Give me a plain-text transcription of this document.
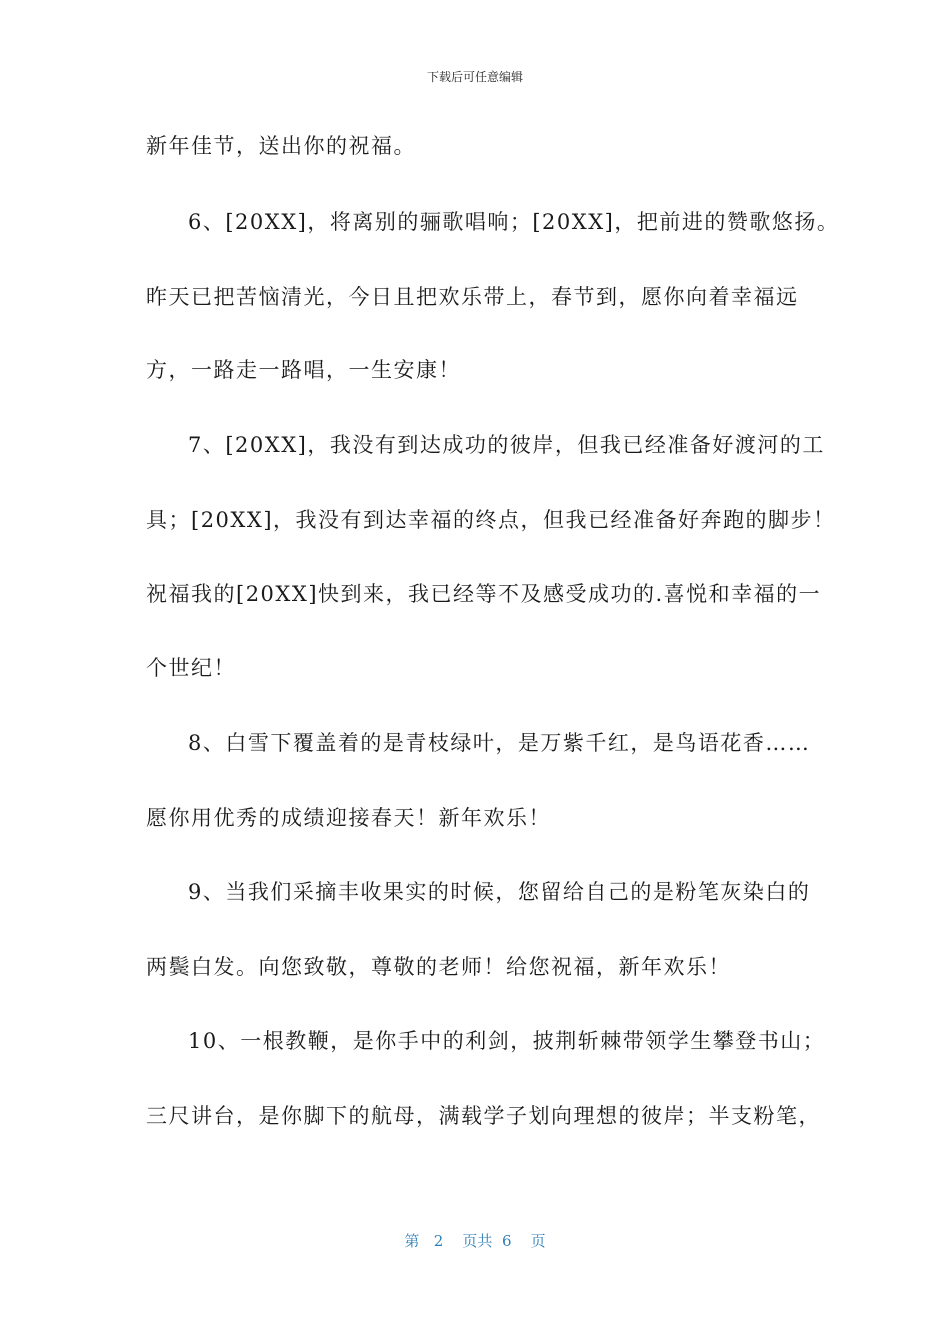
下载后可任意编辑
新年佳节，送出你的祝福。
6、[20XX]，将离别的骊歌唱响；[20XX]，把前进的赞歌悠扬。
昨天已把苦恼清光，今日且把欢乐带上，春节到，愿你向着幸福远
方，一路走一路唱，一生安康！
7、[20XX]，我没有到达成功的彼岸，但我已经准备好渡河的工
具；[20XX]，我没有到达幸福的终点，但我已经准备好奔跑的脚步！
祝福我的[20XX]快到来，我已经等不及感受成功的.喜悦和幸福的一
个世纪！
8、白雪下覆盖着的是青枝绿叶，是万紫千红，是鸟语花香……
愿你用优秀的成绩迎接春天！新年欢乐！
9、当我们采摘丰收果实的时候，您留给自己的是粉笔灰染白的
两鬓白发。向您致敬，尊敬的老师！给您祝福，新年欢乐！
10、一根教鞭，是你手中的利剑，披荆斩棘带领学生攀登书山；
三尺讲台，是你脚下的航母，满载学子划向理想的彼岸；半支粉笔，
第 2 页共 6 页
